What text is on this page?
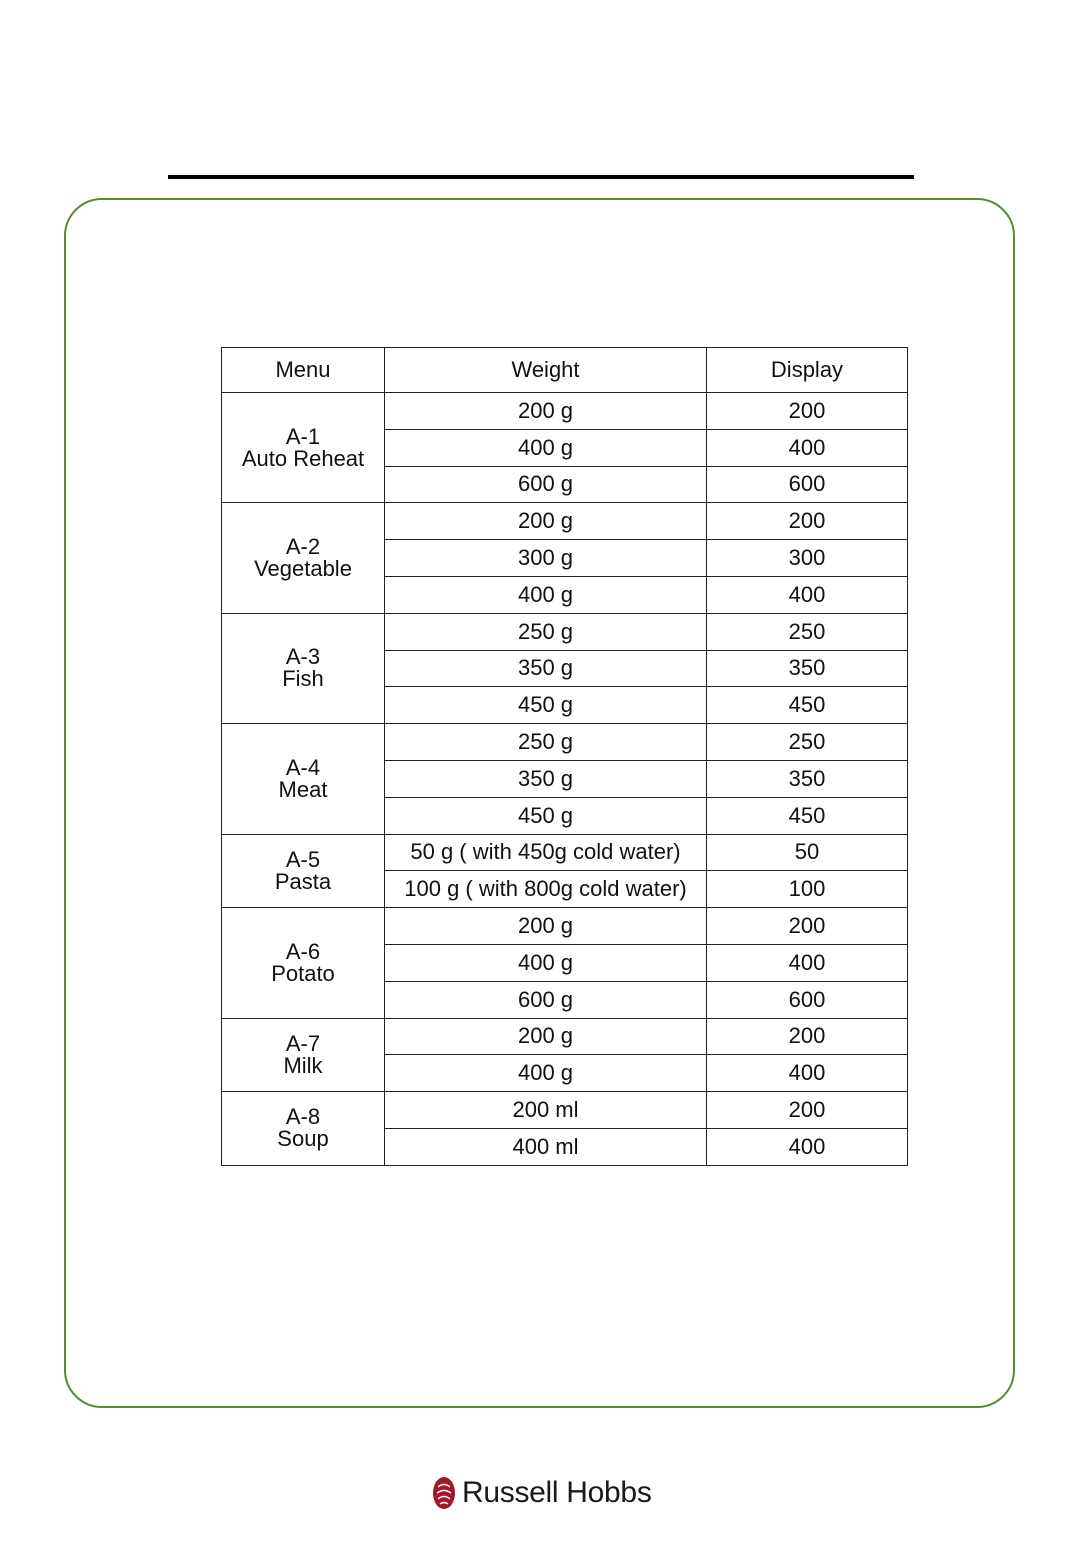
Menu	Weight	Display

A-1
Auto Reheat	200 g	200
	400 g	400
	600 g	600

A-2
Vegetable	200 g	200
	300 g	300
	400 g	400

A-3
Fish	250 g	250
	350 g	350
	450 g	450

A-4
Meat	250 g	250
	350 g	350
	450 g	450

A-5
Pasta	50 g ( with 450g cold water)	50
	100 g ( with 800g cold water)	100

A-6
Potato	200 g	200
	400 g	400
	600 g	600

A-7
Milk	200 g	200
	400 g	400

A-8
Soup	200 ml	200
	400 ml	400
Russell Hobbs
